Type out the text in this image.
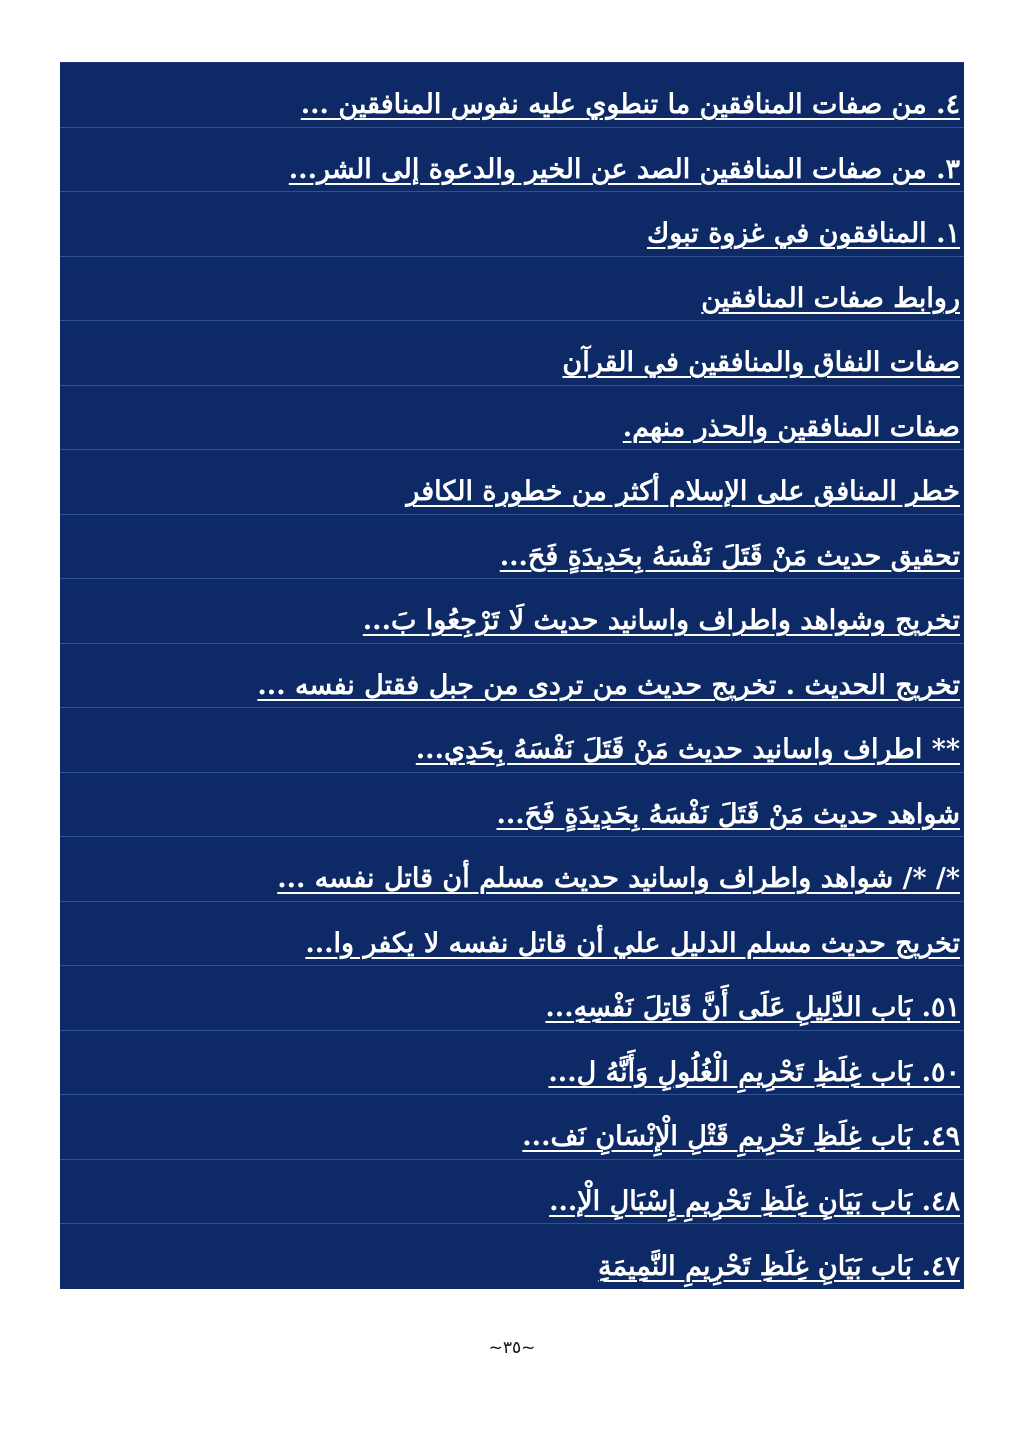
٤. من صفات المنافقين ما تنطوي عليه نفوس المنافقين ...
٣. من صفات المنافقين الصد عن الخير والدعوة إلى الشر...
١. المنافقون في غزوة تبوك
روابط صفات المنافقين
صفات النفاق والمنافقين في القرآن
صفات المنافقين والحذر منهم.
خطر المنافق على الإسلام أكثر من خطورة الكافر
تحقيق حديث مَنْ قَتَلَ نَفْسَهُ بِحَدِيدَةٍ فَحَ...
تخريج وشواهد واطراف واسانيد حديث لَا تَرْجِعُوا بَ...
تخريج الحديث . تخريج حديث من تردى من جبل فقتل نفسه ...
** اطراف واسانيد حديث مَنْ قَتَلَ نَفْسَهُ بِحَدِي...
شواهد حديث مَنْ قَتَلَ نَفْسَهُ بِحَدِيدَةٍ فَحَ...
*/ */ شواهد واطراف واسانيد حديث مسلم أن قاتل نفسه ...
تخريج حديث مسلم الدليل علي أن قاتل نفسه لا يكفر وا...
٥١. بَاب الدَّلِيلِ عَلَى أَنَّ قَاتِلَ نَفْسِهِ...
٥٠. بَاب غِلَظِ تَحْرِيمِ الْغُلُولِ وَأَنَّهُ ل...
٤٩. بَاب غِلَظِ تَحْرِيمِ قَتْلِ الْإِنْسَانِ نَف...
٤٨. بَاب بَيَانِ غِلَظِ تَحْرِيمِ إِسْبَالِ الْإ...
٤٧. بَاب بَيَانِ غِلَظِ تَحْرِيمِ النَّمِيمَةِ
~٣٥~
